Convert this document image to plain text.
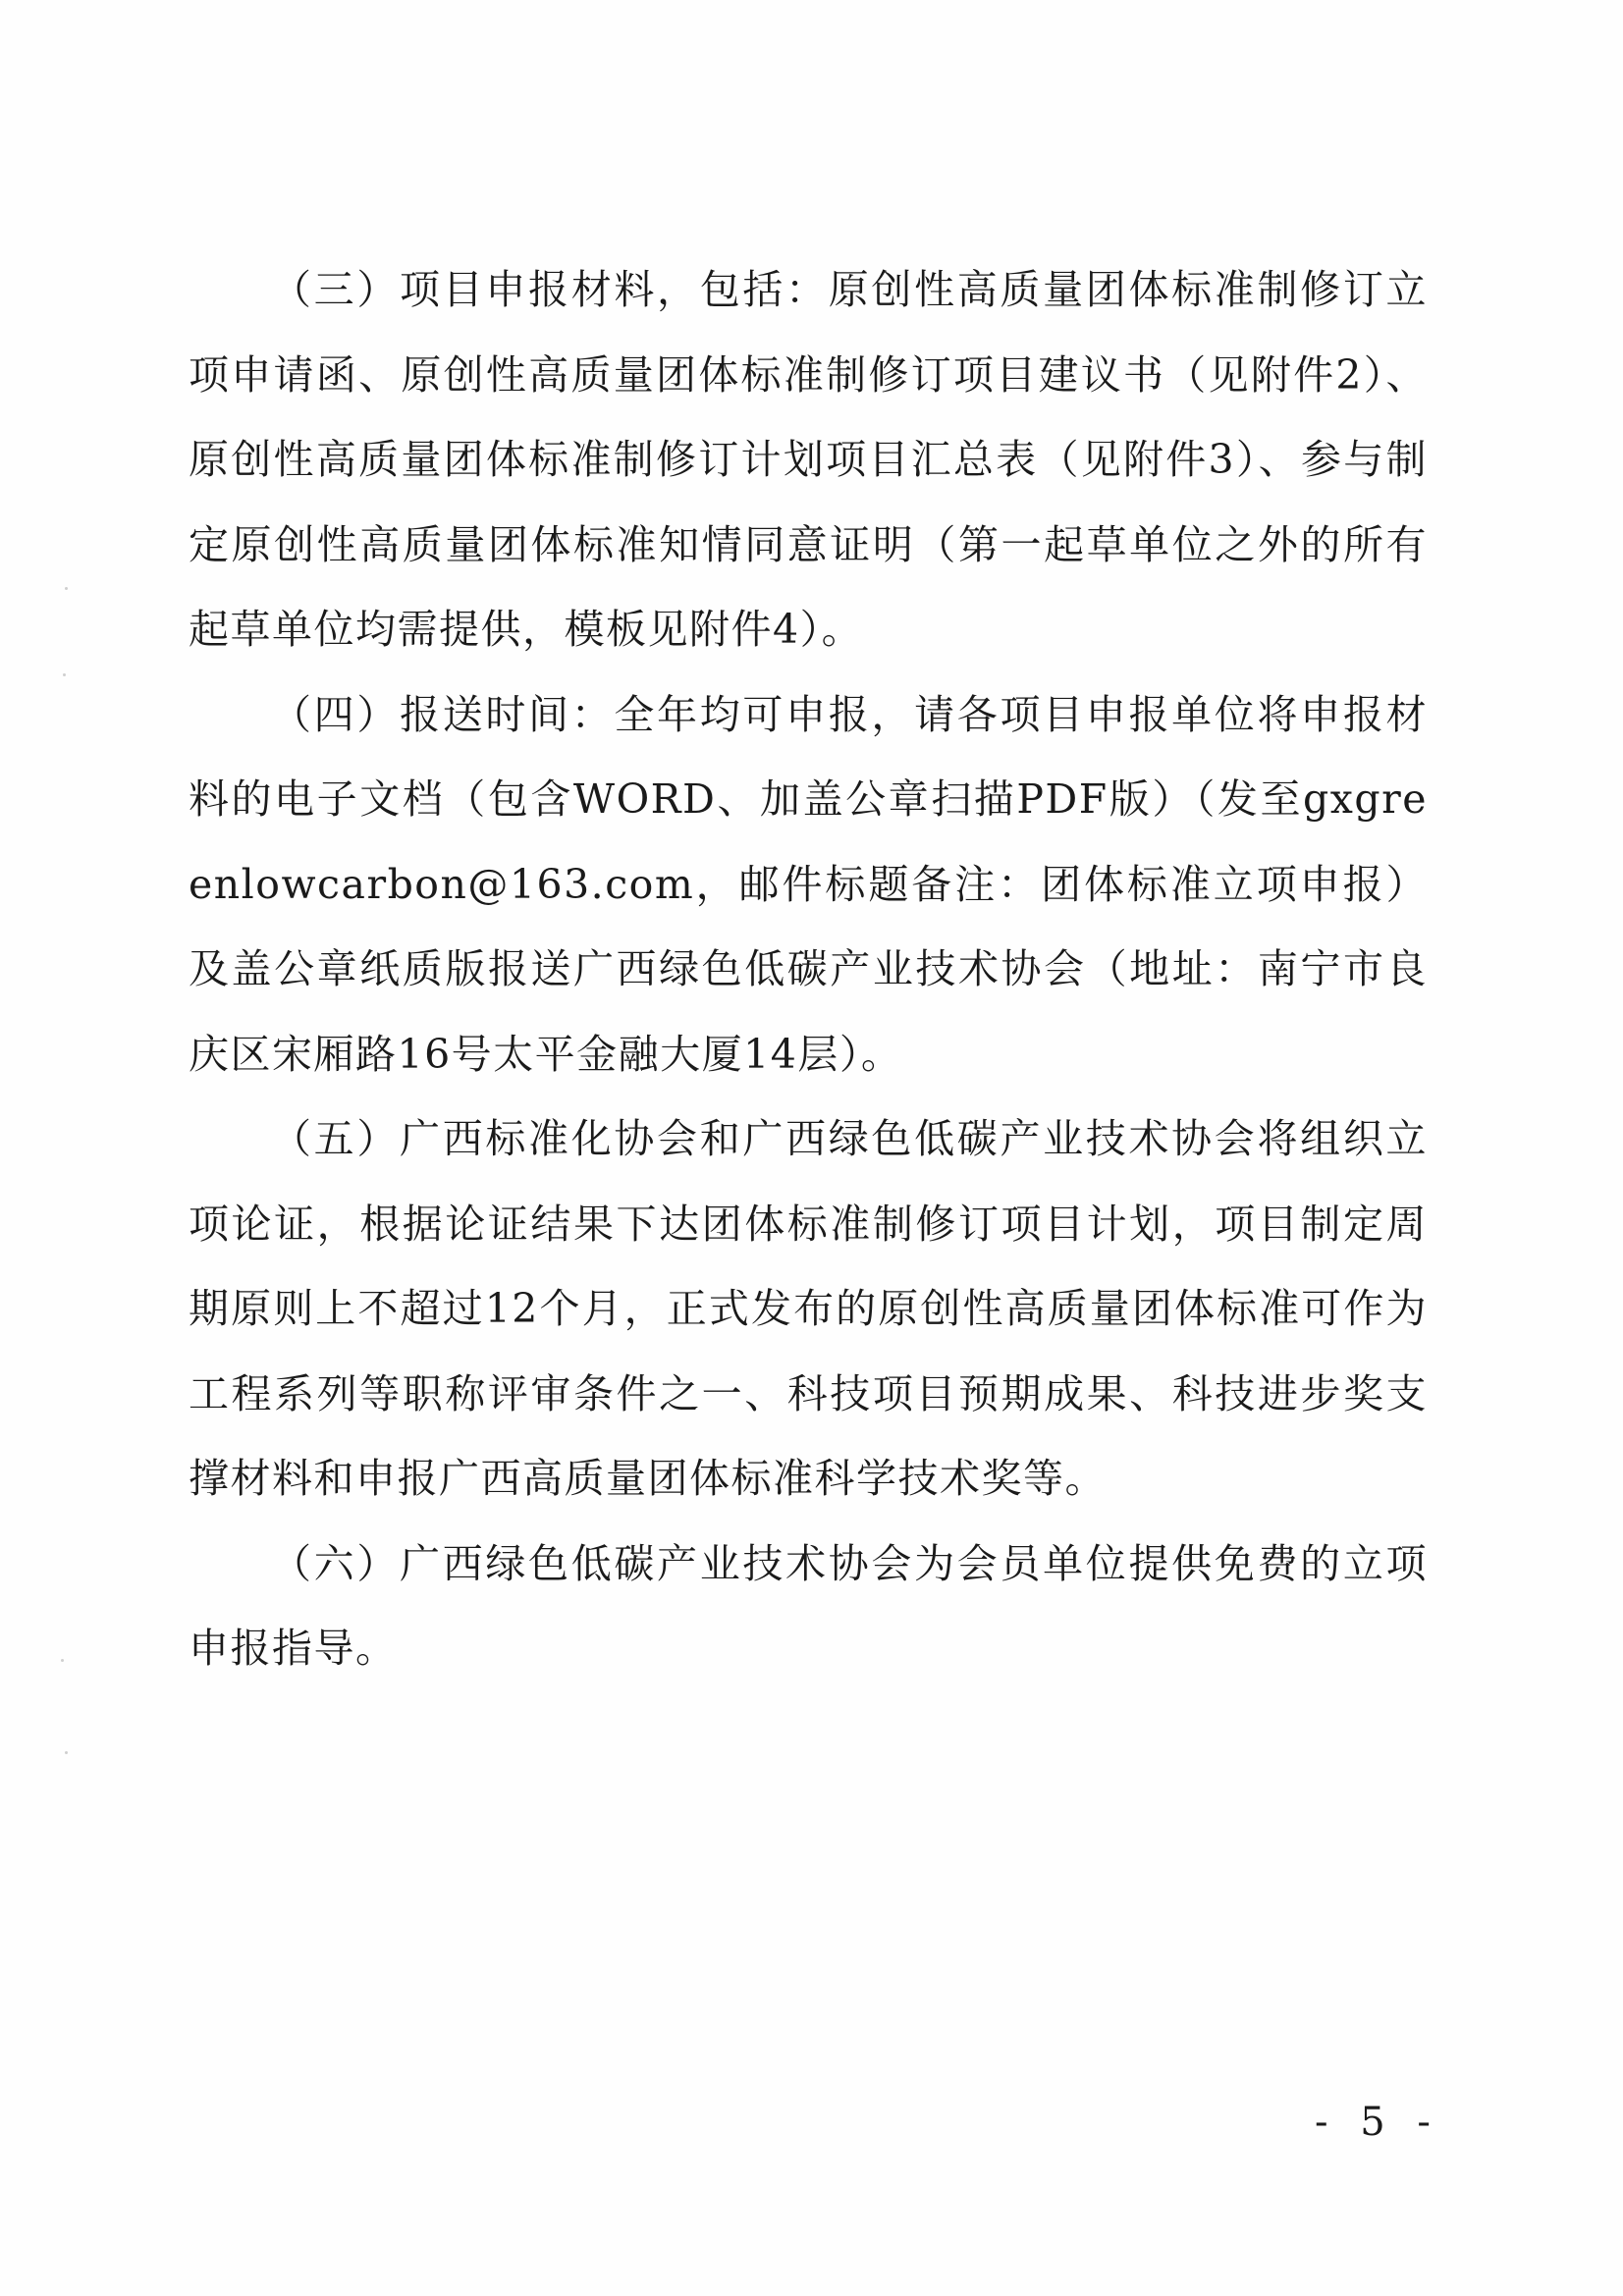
（三）项目申报材料，包括：原创性高质量团体标准制修订立项申请函、原创性高质量团体标准制修订项目建议书（见附件2）、原创性高质量团体标准制修订计划项目汇总表（见附件3）、参与制定原创性高质量团体标准知情同意证明（第一起草单位之外的所有起草单位均需提供，模板见附件4）。

（四）报送时间：全年均可申报，请各项目申报单位将申报材料的电子文档（包含WORD、加盖公章扫描PDF版）（发至gxgreenlowcarbon@163.com，邮件标题备注：团体标准立项申报）及盖公章纸质版报送广西绿色低碳产业技术协会（地址：南宁市良庆区宋厢路16号太平金融大厦14层）。

（五）广西标准化协会和广西绿色低碳产业技术协会将组织立项论证，根据论证结果下达团体标准制修订项目计划，项目制定周期原则上不超过12个月，正式发布的原创性高质量团体标准可作为工程系列等职称评审条件之一、科技项目预期成果、科技进步奖支撑材料和申报广西高质量团体标准科学技术奖等。

（六）广西绿色低碳产业技术协会为会员单位提供免费的立项申报指导。

- 5 -
